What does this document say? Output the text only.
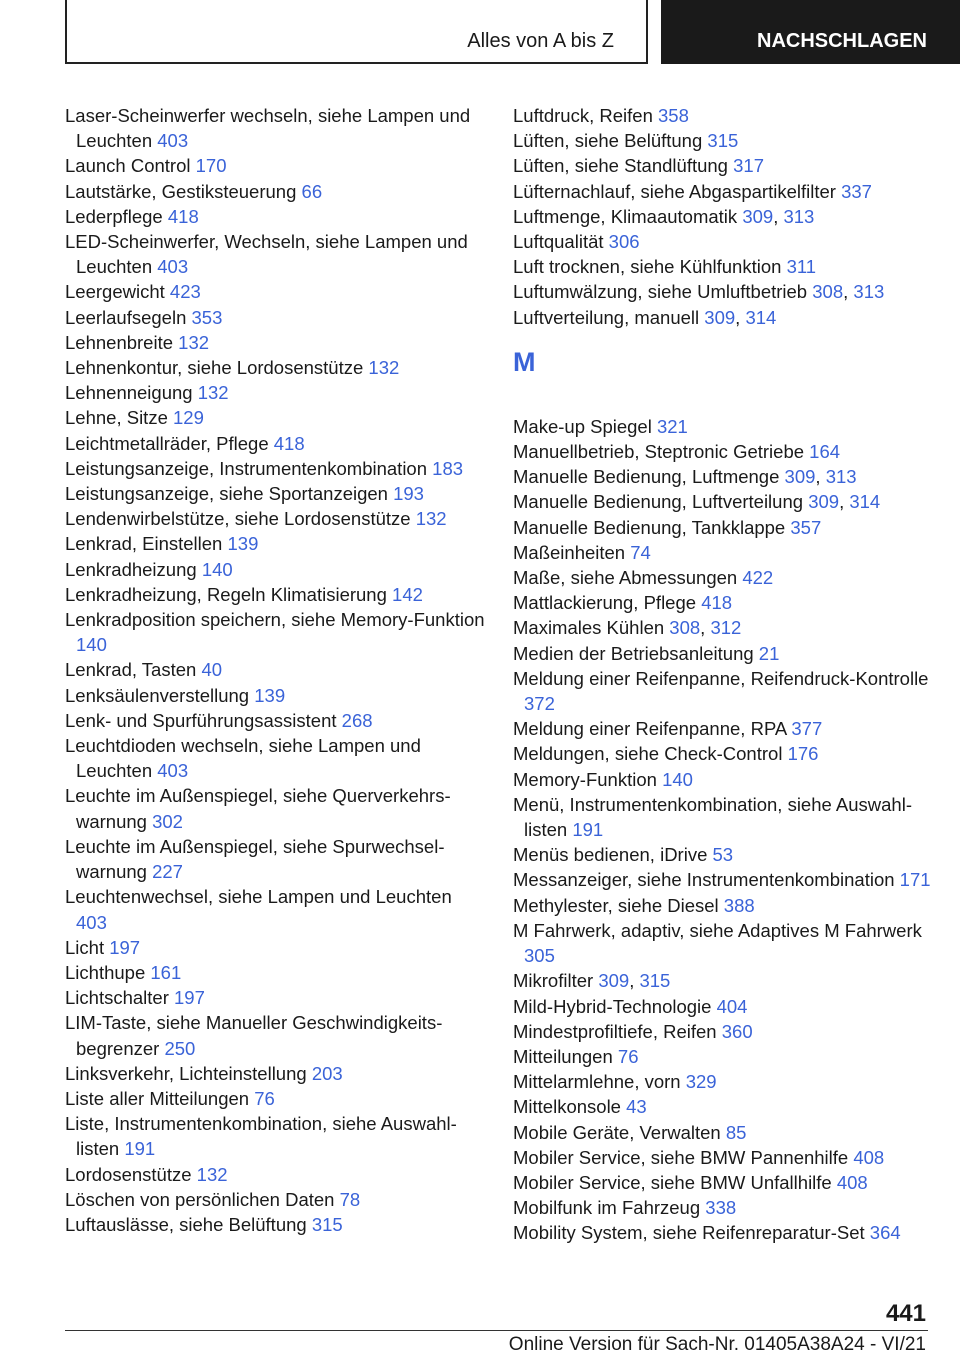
Alles von A bis Z	NACHSCHLAGEN
Laser-Scheinwerfer wechseln, siehe Lampen und Leuchten 403
Launch Control 170
Lautstärke, Gestiksteuerung 66
Lederpflege 418
LED-Scheinwerfer, Wechseln, siehe Lampen und Leuchten 403
Leergewicht 423
Leerlaufsegeln 353
Lehnenbreite 132
Lehnenkontur, siehe Lordosenstütze 132
Lehnenneigung 132
Lehne, Sitze 129
Leichtmetallräder, Pflege 418
Leistungsanzeige, Instrumentenkombination 183
Leistungsanzeige, siehe Sportanzeigen 193
Lendenwirbelstütze, siehe Lordosenstütze 132
Lenkrad, Einstellen 139
Lenkradheizung 140
Lenkradheizung, Regeln Klimatisierung 142
Lenkradposition speichern, siehe Memory-Funktion 140
Lenkrad, Tasten 40
Lenksäulenverstellung 139
Lenk- und Spurführungsassistent 268
Leuchtdioden wechseln, siehe Lampen und Leuchten 403
Leuchte im Außenspiegel, siehe Querverkehrswarnung 302
Leuchte im Außenspiegel, siehe Spurwechselwarnung 227
Leuchtenwechsel, siehe Lampen und Leuchten 403
Licht 197
Lichthupe 161
Lichtschalter 197
LIM-Taste, siehe Manueller Geschwindigkeitsbegrenzer 250
Linksverkehr, Lichteinstellung 203
Liste aller Mitteilungen 76
Liste, Instrumentenkombination, siehe Auswahllisten 191
Lordosenstütze 132
Löschen von persönlichen Daten 78
Luftauslässe, siehe Belüftung 315
Luftdruck, Reifen 358
Lüften, siehe Belüftung 315
Lüften, siehe Standlüftung 317
Lüfternachlauf, siehe Abgaspartikelfilter 337
Luftmenge, Klimaautomatik 309, 313
Luftqualität 306
Luft trocknen, siehe Kühlfunktion 311
Luftumwälzung, siehe Umluftbetrieb 308, 313
Luftverteilung, manuell 309, 314
M
Make-up Spiegel 321
Manuellbetrieb, Steptronic Getriebe 164
Manuelle Bedienung, Luftmenge 309, 313
Manuelle Bedienung, Luftverteilung 309, 314
Manuelle Bedienung, Tankklappe 357
Maßeinheiten 74
Maße, siehe Abmessungen 422
Mattlackierung, Pflege 418
Maximales Kühlen 308, 312
Medien der Betriebsanleitung 21
Meldung einer Reifenpanne, Reifendruck-Kontrolle 372
Meldung einer Reifenpanne, RPA 377
Meldungen, siehe Check-Control 176
Memory-Funktion 140
Menü, Instrumentenkombination, siehe Auswahllisten 191
Menüs bedienen, iDrive 53
Messanzeiger, siehe Instrumentenkombination 171
Methylester, siehe Diesel 388
M Fahrwerk, adaptiv, siehe Adaptives M Fahrwerk 305
Mikrofilter 309, 315
Mild-Hybrid-Technologie 404
Mindestprofiltiefe, Reifen 360
Mitteilungen 76
Mittelarmlehne, vorn 329
Mittelkonsole 43
Mobile Geräte, Verwalten 85
Mobiler Service, siehe BMW Pannenhilfe 408
Mobiler Service, siehe BMW Unfallhilfe 408
Mobilfunk im Fahrzeug 338
Mobility System, siehe Reifenreparatur-Set 364
441
Online Version für Sach-Nr. 01405A38A24 - VI/21
